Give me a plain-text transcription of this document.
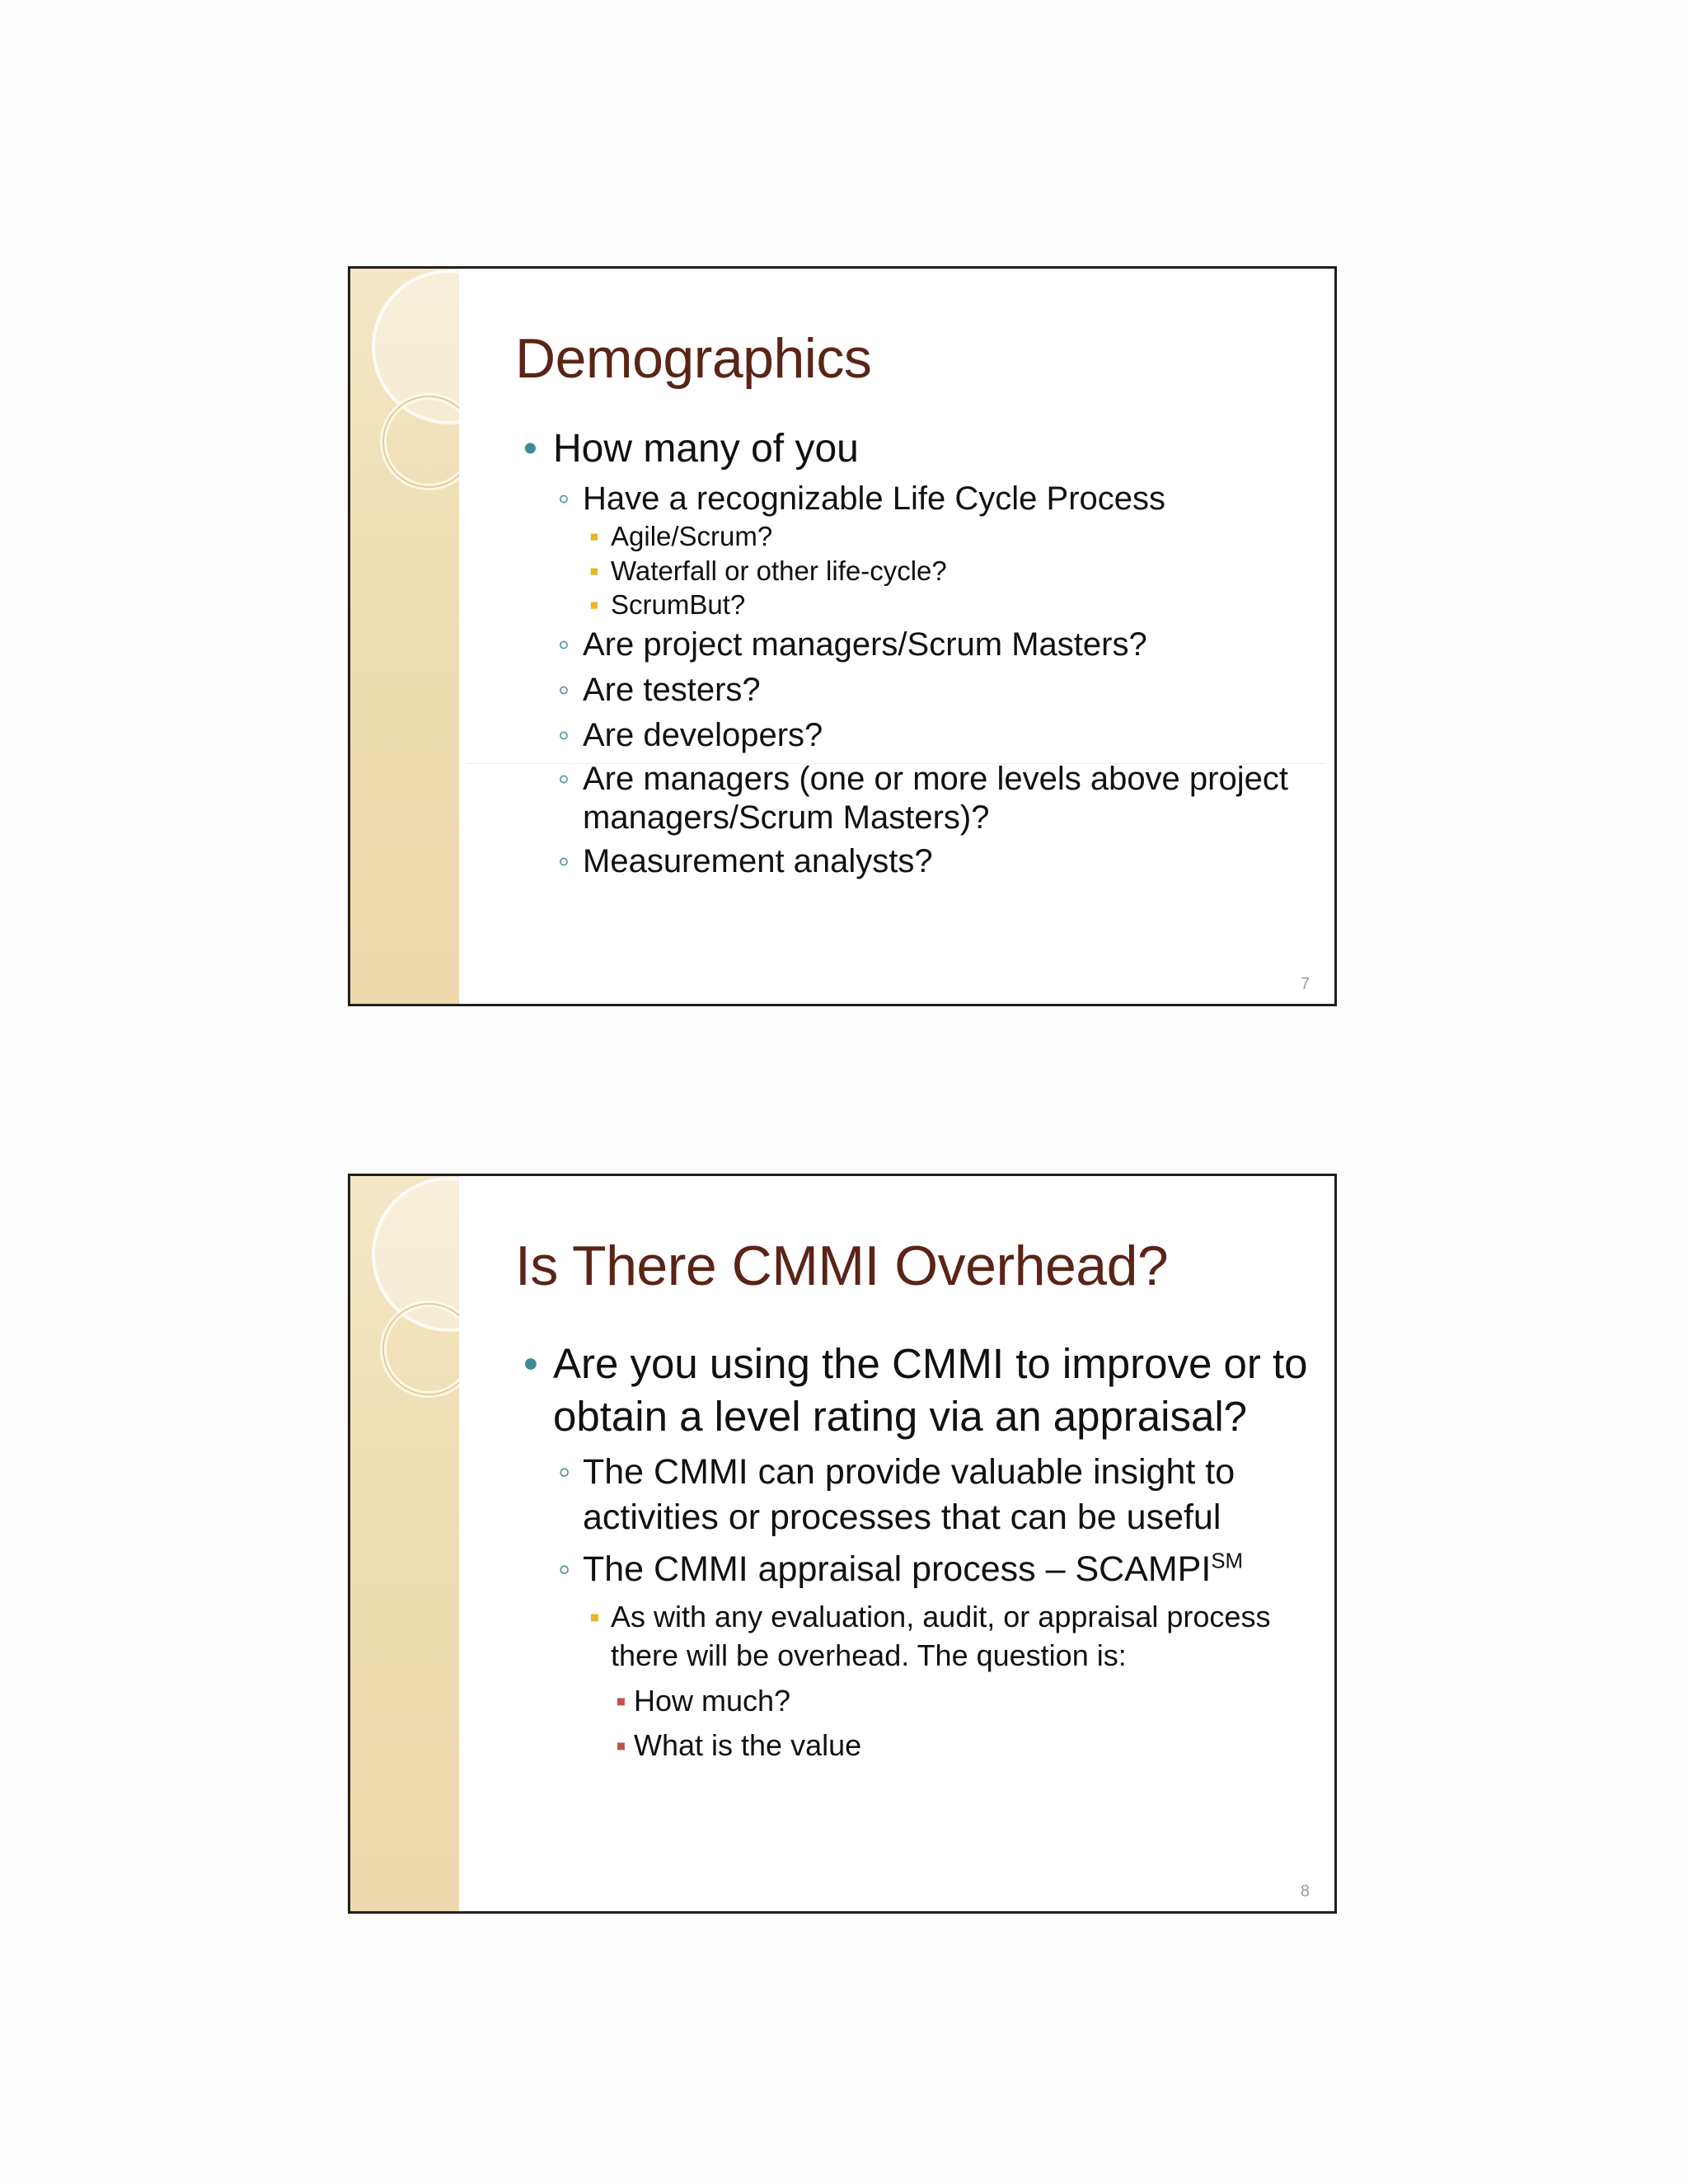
Demographics
• How many of you
◦ Have a recognizable Life Cycle Process
▪ Agile/Scrum?
▪ Waterfall or other life-cycle?
▪ ScrumBut?
◦ Are project managers/Scrum Masters?
◦ Are testers?
◦ Are developers?
◦ Are managers (one or more levels above project managers/Scrum Masters)?
◦ Measurement analysts?
7
Is There CMMI Overhead?
• Are you using the CMMI to improve or to obtain a level rating via an appraisal?
◦ The CMMI can provide valuable insight to activities or processes that can be useful
◦ The CMMI appraisal process – SCAMPI℠
▪ As with any evaluation, audit, or appraisal process there will be overhead. The question is:
▪ How much?
▪ What is the value
8
